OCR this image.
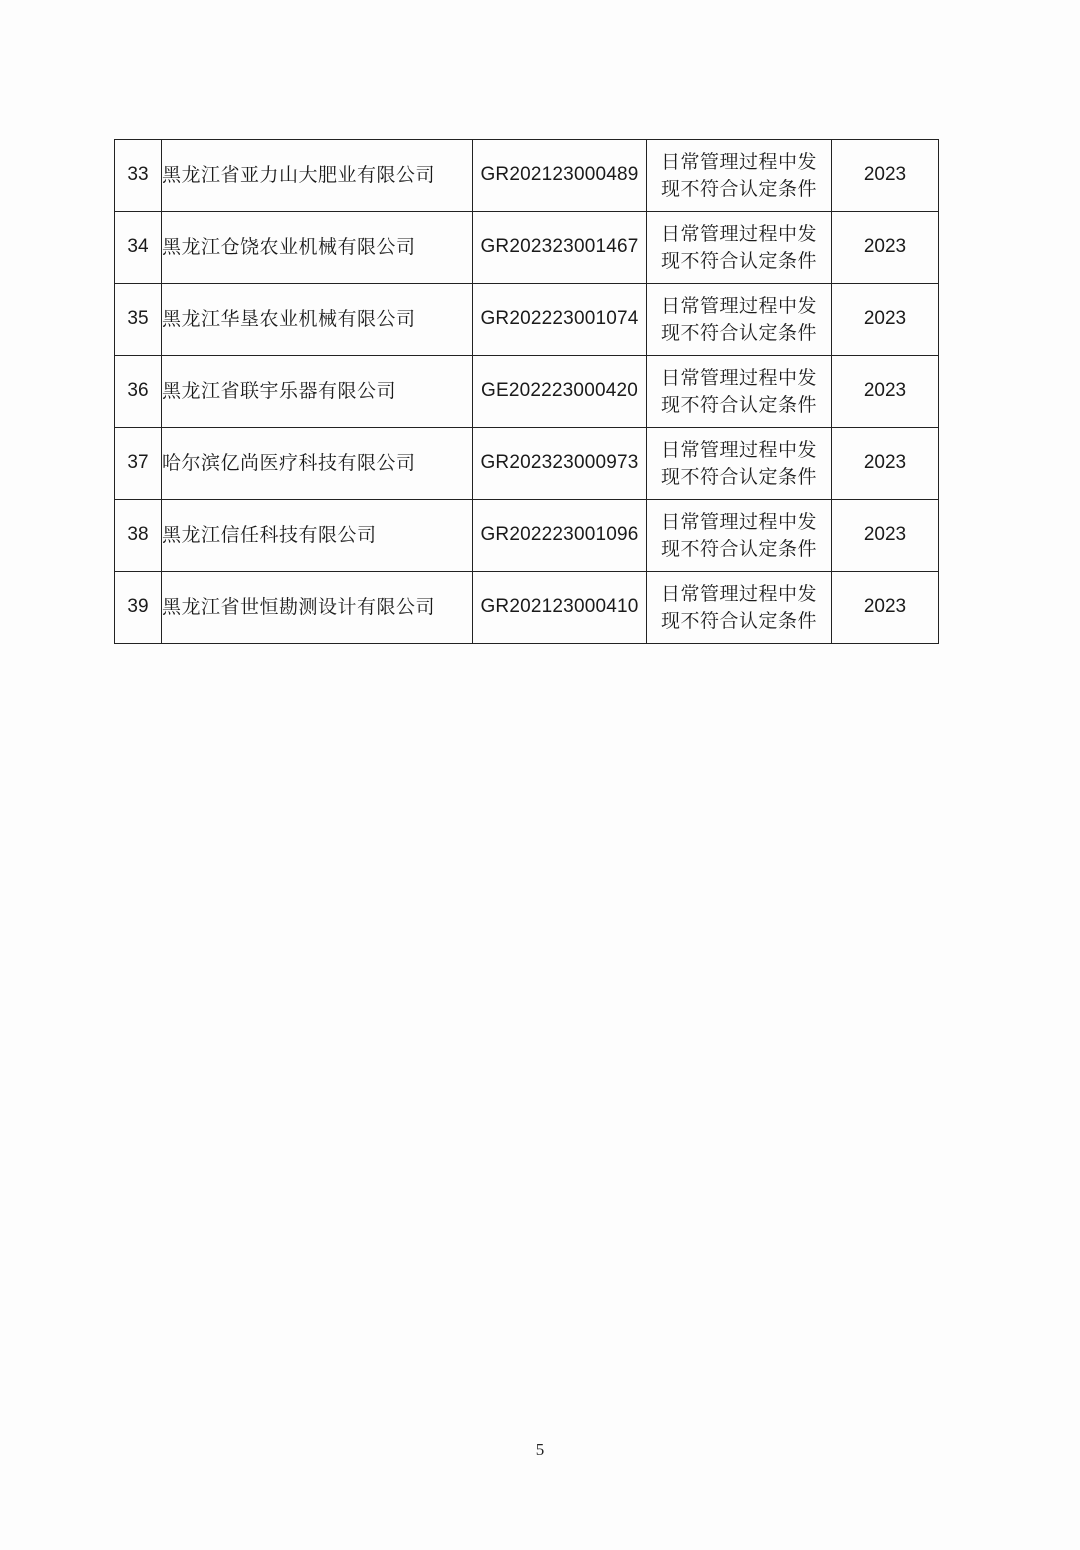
33	黑龙江省亚力山大肥业有限公司	GR202123000489	日常管理过程中发
现不符合认定条件	2023
34	黑龙江仓饶农业机械有限公司	GR202323001467	日常管理过程中发
现不符合认定条件	2023
35	黑龙江华垦农业机械有限公司	GR202223001074	日常管理过程中发
现不符合认定条件	2023
36	黑龙江省联宇乐器有限公司	GE202223000420	日常管理过程中发
现不符合认定条件	2023
37	哈尔滨亿尚医疗科技有限公司	GR202323000973	日常管理过程中发
现不符合认定条件	2023
38	黑龙江信任科技有限公司	GR202223001096	日常管理过程中发
现不符合认定条件	2023
39	黑龙江省世恒勘测设计有限公司	GR202123000410	日常管理过程中发
现不符合认定条件	2023
5
